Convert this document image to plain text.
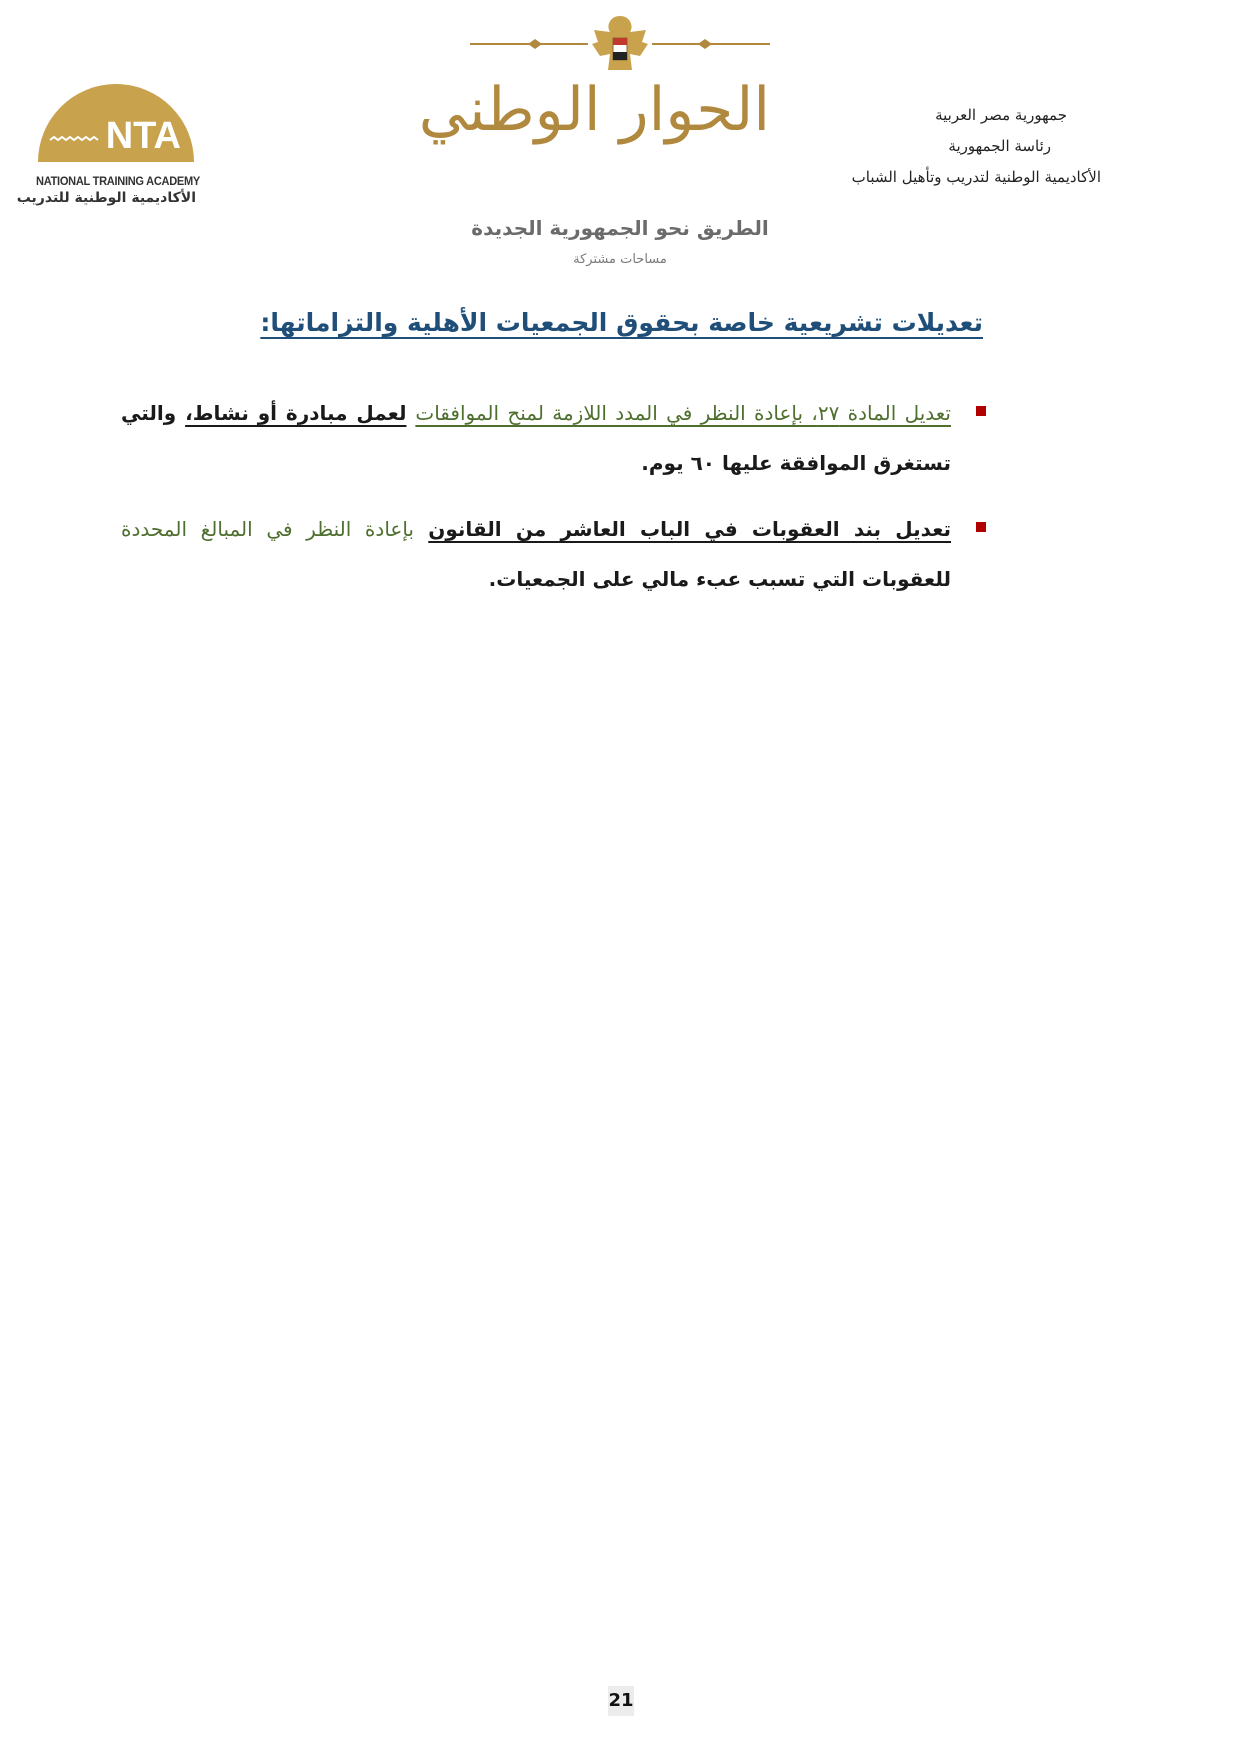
جمهورية مصر العربية
رئاسة الجمهورية
الأكاديمية الوطنية لتدريب وتأهيل الشباب
NTA
NATIONAL TRAINING ACADEMY
الأكاديمية الوطنية للتدريب
الحوار الوطني
الطريق نحو الجمهورية الجديدة
مساحات مشتركة
تعديلات تشريعية خاصة بحقوق الجمعيات الأهلية والتزاماتها:
تعديل المادة ٢٧، بإعادة النظر في المدد اللازمة لمنح الموافقات لعمل مبادرة أو نشاط، والتي تستغرق الموافقة عليها ٦٠ يوم.
تعديل بند العقوبات في الباب العاشر من القانون بإعادة النظر في المبالغ المحددة للعقوبات التي تسبب عبء مالي على الجمعيات.
21
